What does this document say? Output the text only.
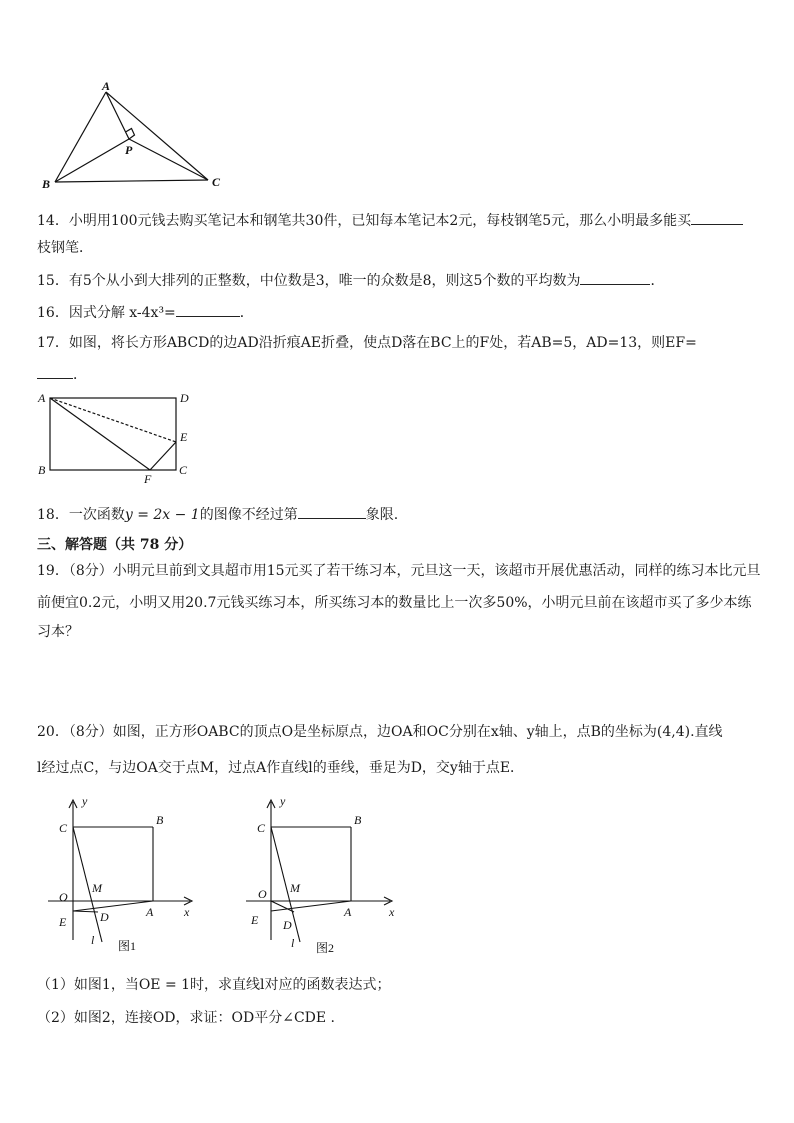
A
B	C
P
14．小明用100元钱去购买笔记本和钢笔共30件，已知每本笔记本2元，每枝钢笔5元，那么小明最多能买
枝钢笔．
15．有5个从小到大排列的正整数，中位数是3，唯一的众数是8，则这5个数的平均数为	．
16．因式分解 x-4x³=	．
17．如图，将长方形ABCD的边AD沿折痕AE折叠，使点D落在BC上的F处，若AB=5，AD=13，则EF=
．
A	D
E
B	C
F
18．一次函数y = 2x − 1的图像不经过第	象限.
三、解答题（共 78 分）
19．（8分）小明元旦前到文具超市用15元买了若干练习本，元旦这一天，该超市开展优惠活动，同样的练习本比元旦
前便宜0.2元，小明又用20.7元钱买练习本，所买练习本的数量比上一次多50%，小明元旦前在该超市买了多少本练
习本？
20．（8分）如图，正方形OABC的顶点O是坐标原点，边OA和OC分别在x轴、y轴上，点B的坐标为(4,4).直线
l经过点C，与边OA交于点M，过点A作直线l的垂线，垂足为D，交y轴于点E．
y
x
C
B
O
M
E	D	A
l 图1
y
x
C
B
O M
E D
A
l 图2
（1）如图1，当OE = 1时，求直线l对应的函数表达式；
（2）如图2，连接OD，求证：OD平分∠CDE .
